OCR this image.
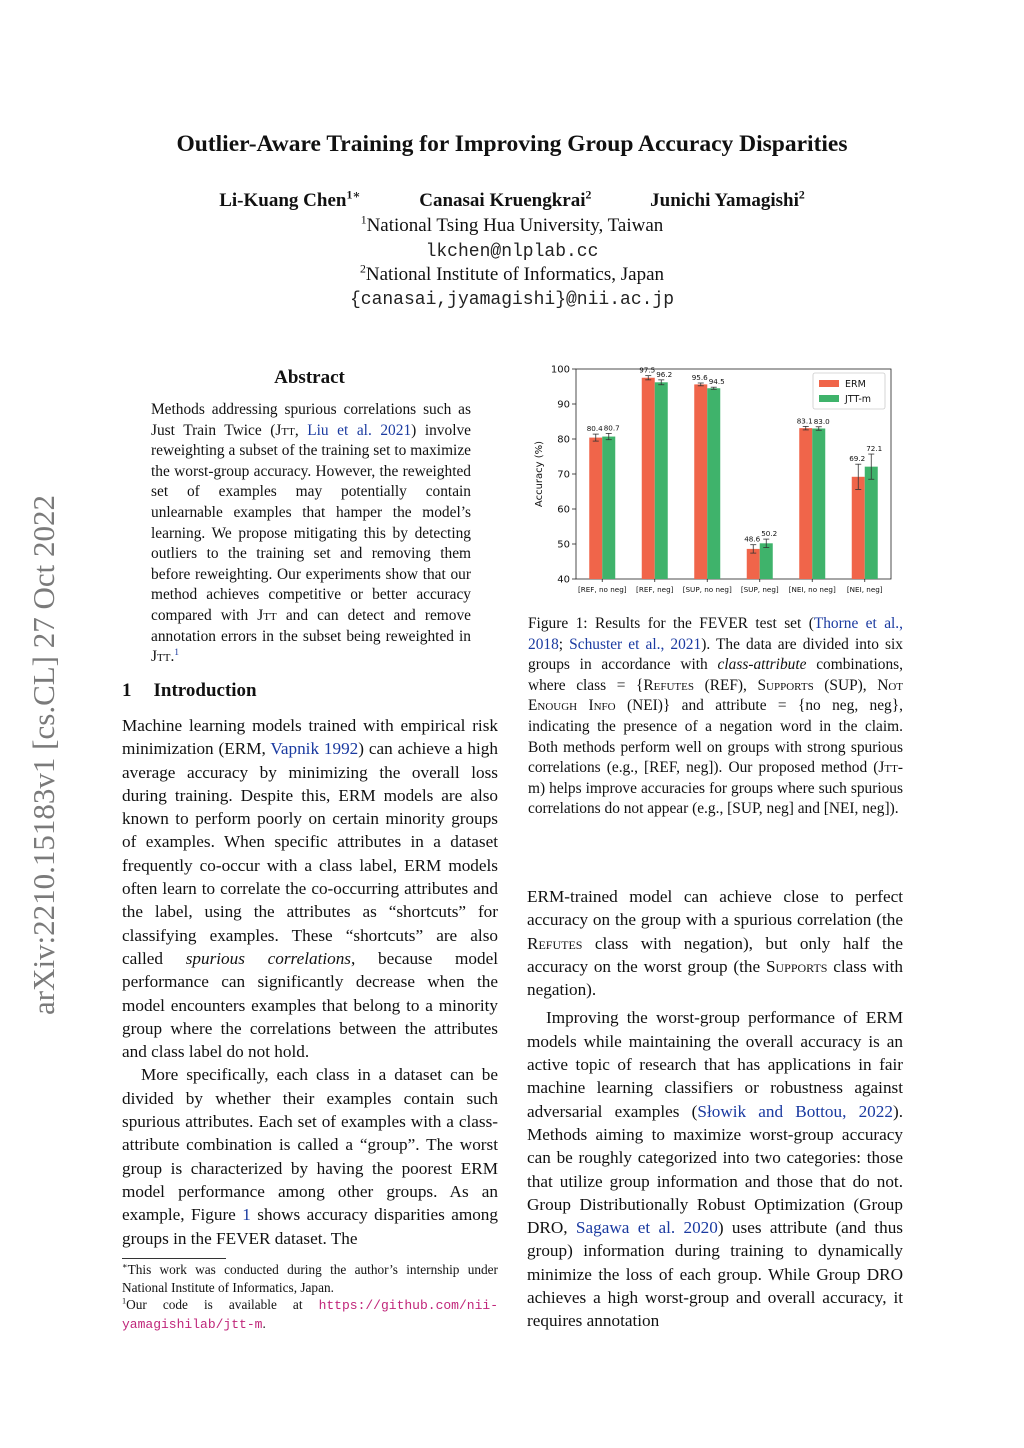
arXiv:2210.15183v1 [cs.CL] 27 Oct 2022
Outlier-Aware Training for Improving Group Accuracy Disparities
Li-Kuang Chen$^{1∗}$	Canasai Kruengkrai$^2$	Junichi Yamagishi$^2$
$^1$National Tsing Hua University, Taiwan
lkchen@nlplab.cc
$^2$National Institute of Informatics, Japan
{canasai,jyamagishi}@nii.ac.jp
Abstract
Methods addressing spurious correlations such as Just Train Twice (Jtt, Liu et al. 2021) involve reweighting a subset of the training set to maximize the worst-group accuracy. However, the reweighted set of examples may potentially contain unlearnable examples that hamper the model’s learning. We propose mitigating this by detecting outliers to the training set and removing them before reweighting. Our experiments show that our method achieves competitive or better accuracy compared with Jtt and can detect and remove annotation errors in the subset being reweighted in Jtt.$^1$
1 Introduction

Machine learning models trained with empirical risk minimization (ERM, Vapnik 1992) can achieve a high average accuracy by minimizing the overall loss during training. Despite this, ERM models are also known to perform poorly on certain minority groups of examples. When specific attributes in a dataset frequently co-occur with a class label, ERM models often learn to correlate the co-occurring attributes and the label, using the attributes as “shortcuts” for classifying examples. These “shortcuts” are also called spurious correlations, because model performance can significantly decrease when the model encounters examples that belong to a minority group where the correlations between the attributes and class label do not hold.

More specifically, each class in a dataset can be divided by whether their examples contain such spurious attributes. Each set of examples with a class-attribute combination is called a “group”. The worst group is characterized by having the poorest ERM model performance among other groups. As an example, Figure 1 shows accuracy disparities among groups in the FEVER dataset. The

∗This work was conducted during the author’s internship under National Institute of Informatics, Japan.
$^1$Our code is available at https://github.com/nii-yamagishilab/jtt-m.
40
50
60
70
80
90
100
Accuracy (%)
[REF, no neg]
80.4 80.7
[REF, neg]
97.5 96.2
[SUP, no neg]
95.6 94.5
[SUP, neg]
48.6
50.2
[NEI, no neg]
83.1 83.0
[NEI, neg]
69.2
72.1
ERM
JTT-m
Figure 1: Results for the FEVER test set (Thorne et al., 2018; Schuster et al., 2021). The data are divided into six groups in accordance with class-attribute combinations, where class = {Refutes (REF), Supports (SUP), Not Enough Info (NEI)} and attribute = {no neg, neg}, indicating the presence of a negation word in the claim. Both methods perform well on groups with strong spurious correlations (e.g., [REF, neg]). Our proposed method (Jtt-m) helps improve accuracies for groups where such spurious correlations do not appear (e.g., [SUP, neg] and [NEI, neg]).

ERM-trained model can achieve close to perfect accuracy on the group with a spurious correlation (the Refutes class with negation), but only half the accuracy on the worst group (the Supports class with negation).

Improving the worst-group performance of ERM models while maintaining the overall accuracy is an active topic of research that has applications in fair machine learning classifiers or robustness against adversarial examples (Słowik and Bottou, 2022). Methods aiming to maximize worst-group accuracy can be roughly categorized into two categories: those that utilize group information and those that do not. Group Distributionally Robust Optimization (Group DRO, Sagawa et al. 2020) uses attribute (and thus group) information during training to dynamically minimize the loss of each group. While Group DRO achieves a high worst-group and overall accuracy, it requires annotation
